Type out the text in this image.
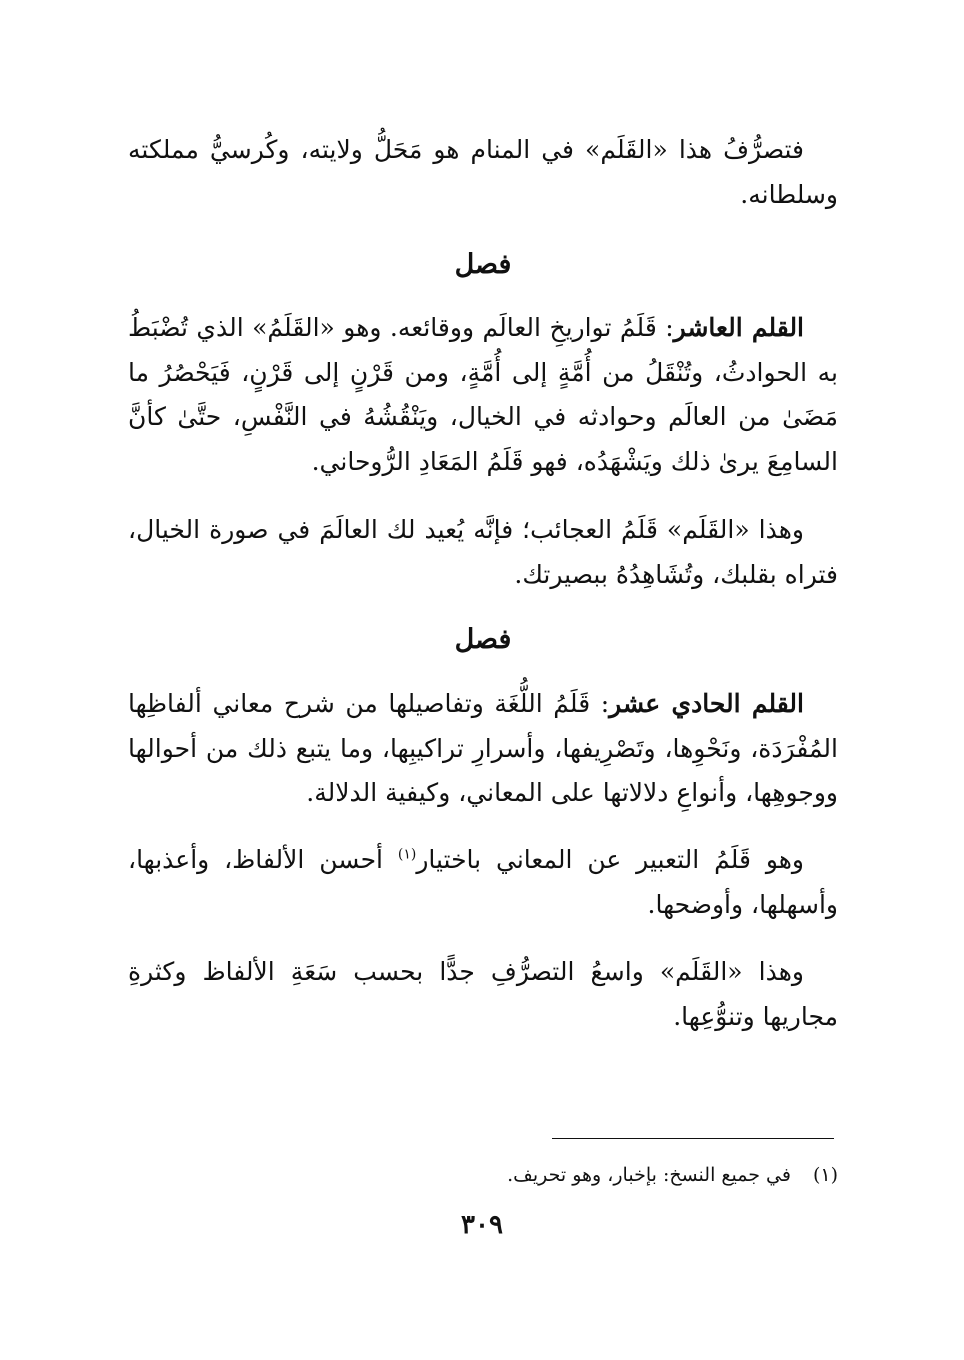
فتصرُّفُ هذا «القَلَم» في المنام هو مَحَلُّ ولايته، وكُرسيُّ مملكته وسلطانه.

فصل

القلم العاشر: قَلَمُ تواريخِ العالَم ووقائعه. وهو «القَلَمُ» الذي تُضْبَطُ به الحوادثُ، وتُنْقَلُ من أُمَّةٍ إلى أُمَّةٍ، ومن قَرْنٍ إلى قَرْنٍ، فَيَحْصُرُ ما مَضَىٰ من العالَم وحوادثه في الخيال، ويَنْقُشُهُ في النَّفْسِ، حتَّىٰ كأنَّ السامِعَ يرىٰ ذلك ويَشْهَدُه، فهو قَلَمُ المَعَادِ الرُّوحاني.

وهذا «القَلَم» قَلَمُ العجائب؛ فإنَّه يُعيد لك العالَمَ في صورة الخيال، فتراه بقلبك، وتُشَاهِدُهُ ببصيرتك.

فصل

القلم الحادي عشر: قَلَمُ اللُّغَة وتفاصيلها من شرح معاني ألفاظِها المُفْرَدَة، ونَحْوِها، وتَصْرِيفها، وأسرارِ تراكيبِها، وما يتبع ذلك من أحوالها ووجوهِها، وأنواعِ دلالاتها على المعاني، وكيفية الدلالة.

وهو قَلَمُ التعبير عن المعاني باختيار$^{(١)}$ أحسن الألفاظ، وأعذبها، وأسهلها، وأوضحها.

وهذا «القَلَم» واسعُ التصرُّفِ جدًّا بحسب سَعَةِ الألفاظ وكثرةِ مجاريها وتنوُّعِها.

(١)في جميع النسخ: بإخبار، وهو تحريف.
٣٠٩
